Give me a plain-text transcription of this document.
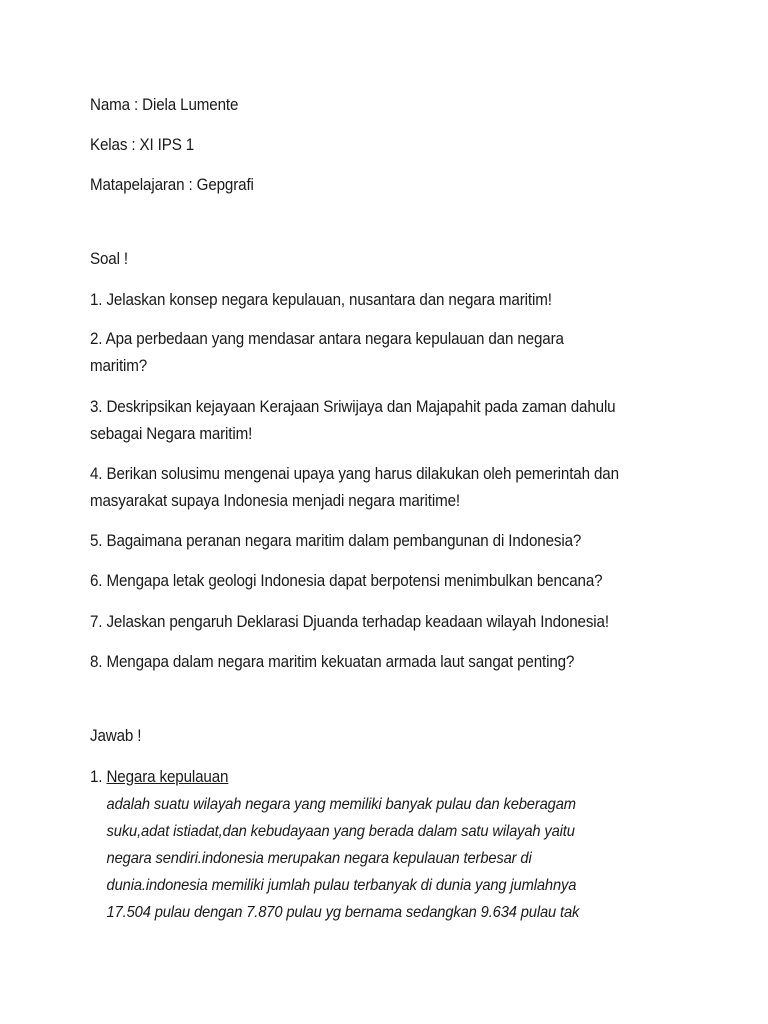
Nama : Diela Lumente
Kelas : XI IPS 1
Matapelajaran : Gepgrafi
Soal !
1. Jelaskan konsep negara kepulauan, nusantara dan negara maritim!
2. Apa perbedaan yang mendasar antara negara kepulauan dan negara
maritim?
3. Deskripsikan kejayaan Kerajaan Sriwijaya dan Majapahit pada zaman dahulu
sebagai Negara maritim!
4. Berikan solusimu mengenai upaya yang harus dilakukan oleh pemerintah dan
masyarakat supaya Indonesia menjadi negara maritime!
5. Bagaimana peranan negara maritim dalam pembangunan di Indonesia?
6. Mengapa letak geologi Indonesia dapat berpotensi menimbulkan bencana?
7. Jelaskan pengaruh Deklarasi Djuanda terhadap keadaan wilayah Indonesia!
8. Mengapa dalam negara maritim kekuatan armada laut sangat penting?
Jawab !
1. Negara kepulauan
adalah suatu wilayah negara yang memiliki banyak pulau dan keberagam
suku,adat istiadat,dan kebudayaan yang berada dalam satu wilayah yaitu
negara sendiri.indonesia merupakan negara kepulauan terbesar di
dunia.indonesia memiliki jumlah pulau terbanyak di dunia yang jumlahnya
17.504 pulau dengan 7.870 pulau yg bernama sedangkan 9.634 pulau tak
